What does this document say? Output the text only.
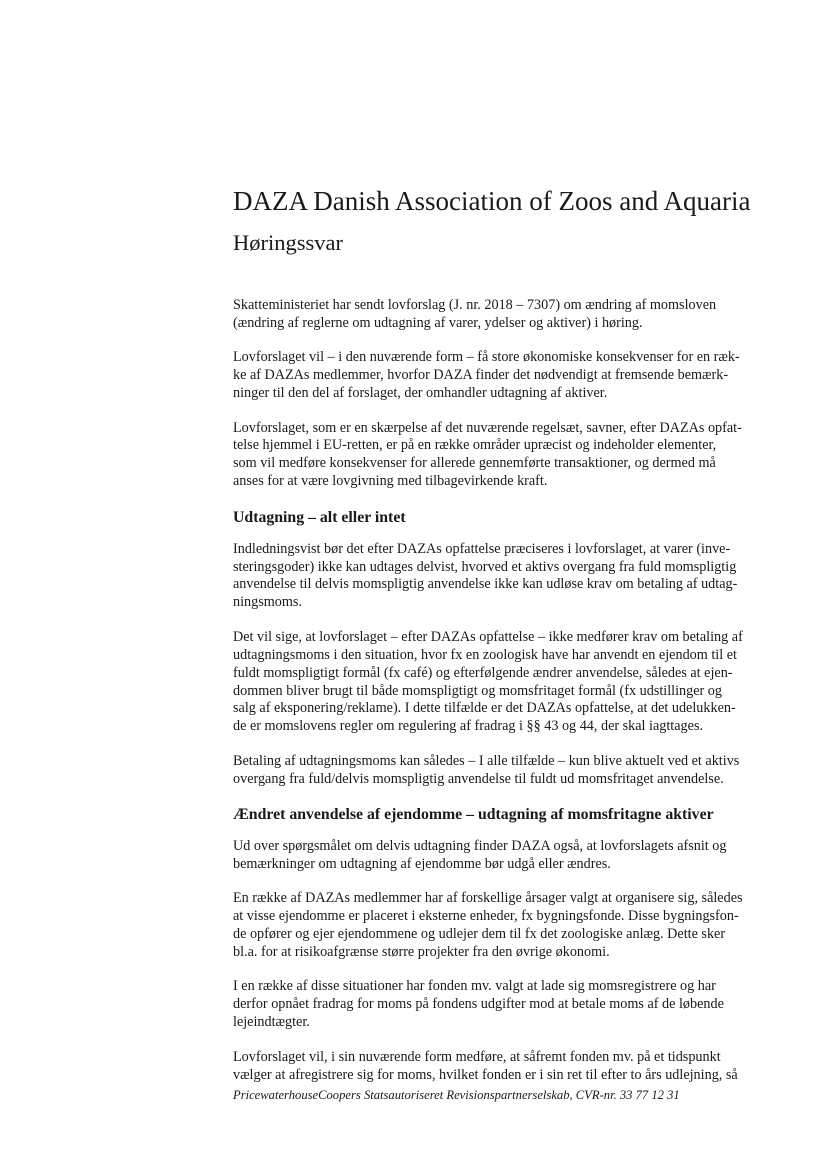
DAZA Danish Association of Zoos and Aquaria
Høringssvar

Skatteministeriet har sendt lovforslag (J. nr. 2018 – 7307) om ændring af momsloven
(ændring af reglerne om udtagning af varer, ydelser og aktiver) i høring.

Lovforslaget vil – i den nuværende form – få store økonomiske konsekvenser for en ræk-
ke af DAZAs medlemmer, hvorfor DAZA finder det nødvendigt at fremsende bemærk-
ninger til den del af forslaget, der omhandler udtagning af aktiver.

Lovforslaget, som er en skærpelse af det nuværende regelsæt, savner, efter DAZAs opfat-
telse hjemmel i EU-retten, er på en række områder upræcist og indeholder elementer,
som vil medføre konsekvenser for allerede gennemførte transaktioner, og dermed må
anses for at være lovgivning med tilbagevirkende kraft.

Udtagning – alt eller intet

Indledningsvist bør det efter DAZAs opfattelse præciseres i lovforslaget, at varer (inve-
steringsgoder) ikke kan udtages delvist, hvorved et aktivs overgang fra fuld momspligtig
anvendelse til delvis momspligtig anvendelse ikke kan udløse krav om betaling af udtag-
ningsmoms.

Det vil sige, at lovforslaget – efter DAZAs opfattelse – ikke medfører krav om betaling af
udtagningsmoms i den situation, hvor fx en zoologisk have har anvendt en ejendom til et
fuldt momspligtigt formål (fx café) og efterfølgende ændrer anvendelse, således at ejen-
dommen bliver brugt til både momspligtigt og momsfritaget formål (fx udstillinger og
salg af eksponering/reklame). I dette tilfælde er det DAZAs opfattelse, at det udelukken-
de er momslovens regler om regulering af fradrag i §§ 43 og 44, der skal iagttages.

Betaling af udtagningsmoms kan således – I alle tilfælde – kun blive aktuelt ved et aktivs
overgang fra fuld/delvis momspligtig anvendelse til fuldt ud momsfritaget anvendelse.

Ændret anvendelse af ejendomme – udtagning af momsfritagne aktiver

Ud over spørgsmålet om delvis udtagning finder DAZA også, at lovforslagets afsnit og
bemærkninger om udtagning af ejendomme bør udgå eller ændres.

En række af DAZAs medlemmer har af forskellige årsager valgt at organisere sig, således
at visse ejendomme er placeret i eksterne enheder, fx bygningsfonde. Disse bygningsfon-
de opfører og ejer ejendommene og udlejer dem til fx det zoologiske anlæg. Dette sker
bl.a. for at risikoafgrænse større projekter fra den øvrige økonomi.

I en række af disse situationer har fonden mv. valgt at lade sig momsregistrere og har
derfor opnået fradrag for moms på fondens udgifter mod at betale moms af de løbende
lejeindtægter.

Lovforslaget vil, i sin nuværende form medføre, at såfremt fonden mv. på et tidspunkt
vælger at afregistrere sig for moms, hvilket fonden er i sin ret til efter to års udlejning, så

PricewaterhouseCoopers Statsautoriseret Revisionspartnerselskab, CVR-nr. 33 77 12 31
